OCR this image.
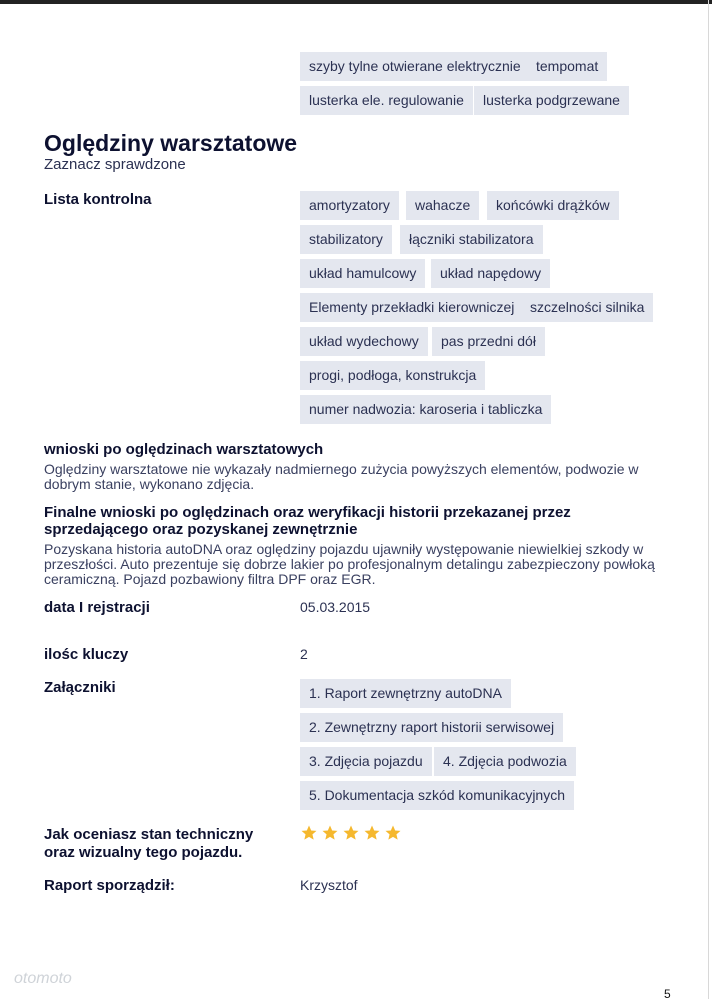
szyby tylne otwierane elektrycznie	tempomat
lusterka ele. regulowanie	lusterka podgrzewane
Oględziny warsztatowe
Zaznacz sprawdzone
Lista kontrolna	amortyzatory	wahacze	końcówki drążków
stabilizatory	łączniki stabilizatora
układ hamulcowy	układ napędowy
Elementy przekładki kierowniczej	szczelności silnika
układ wydechowy	pas przedni dół
progi, podłoga, konstrukcja
numer nadwozia: karoseria i tabliczka
wnioski po oględzinach warsztatowych
Oględziny warsztatowe nie wykazały nadmiernego zużycia powyższych elementów, podwozie w dobrym stanie, wykonano zdjęcia.
Finalne wnioski po oględzinach oraz weryfikacji historii przekazanej przez sprzedającego oraz pozyskanej zewnętrznie
Pozyskana historia autoDNA oraz oględziny pojazdu ujawniły występowanie niewielkiej szkody w przeszłości. Auto prezentuje się dobrze lakier po profesjonalnym detalingu zabezpieczony powłoką ceramiczną. Pojazd pozbawiony filtra DPF oraz EGR.
data I rejstracji	05.03.2015
ilośc kluczy	2
Załączniki	1. Raport zewnętrzny autoDNA
2. Zewnętrzny raport historii serwisowej
3. Zdjęcia pojazdu	4. Zdjęcia podwozia
5. Dokumentacja szkód komunikacyjnych
Jak oceniasz stan techniczny oraz wizualny tego pojazdu.
Raport sporządził:	Krzysztof
otomoto
5
